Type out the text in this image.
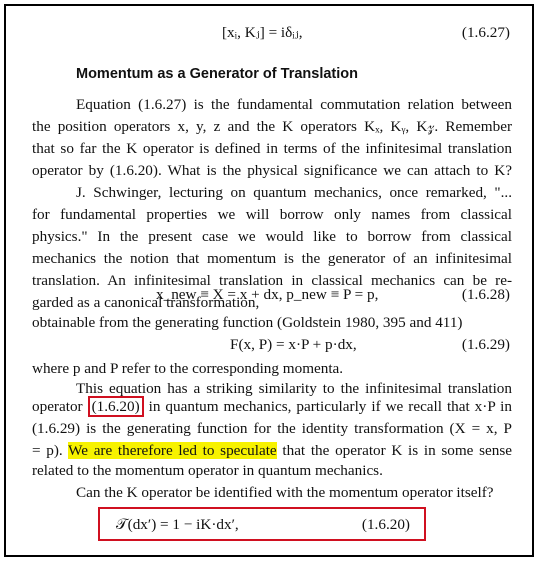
[xᵢ, Kⱼ] = iδᵢⱼ,	(1.6.27)
Momentum as a Generator of Translation
Equation (1.6.27) is the fundamental commutation relation between
the position operators x, y, z and the K operators Kₓ, Kᵧ, K𝓏. Remember
that so far the K operator is defined in terms of the infinitesimal translation
operator by (1.6.20). What is the physical significance we can attach to K?
J. Schwinger, lecturing on quantum mechanics, once remarked, "...
for fundamental properties we will borrow only names from classical
physics." In the present case we would like to borrow from classical
mechanics the notion that momentum is the generator of an infinitesimal
translation. An infinitesimal translation in classical mechanics can be re-
garded as a canonical transformation,
x_new ≡ X = x + dx, p_new ≡ P = p,	(1.6.28)
obtainable from the generating function (Goldstein 1980, 395 and 411)
F(x, P) = x·P + p·dx,	(1.6.29)
where p and P refer to the corresponding momenta.
This equation has a striking similarity to the infinitesimal translation
operator (1.6.20) in quantum mechanics, particularly if we recall that x·P in
(1.6.29) is the generating function for the identity transformation (X = x, P
= p). We are therefore led to speculate that the operator K is in some sense
related to the momentum operator in quantum mechanics.
Can the K operator be identified with the momentum operator itself?
𝒯(dx′) = 1 − iK·dx′,	(1.6.20)
